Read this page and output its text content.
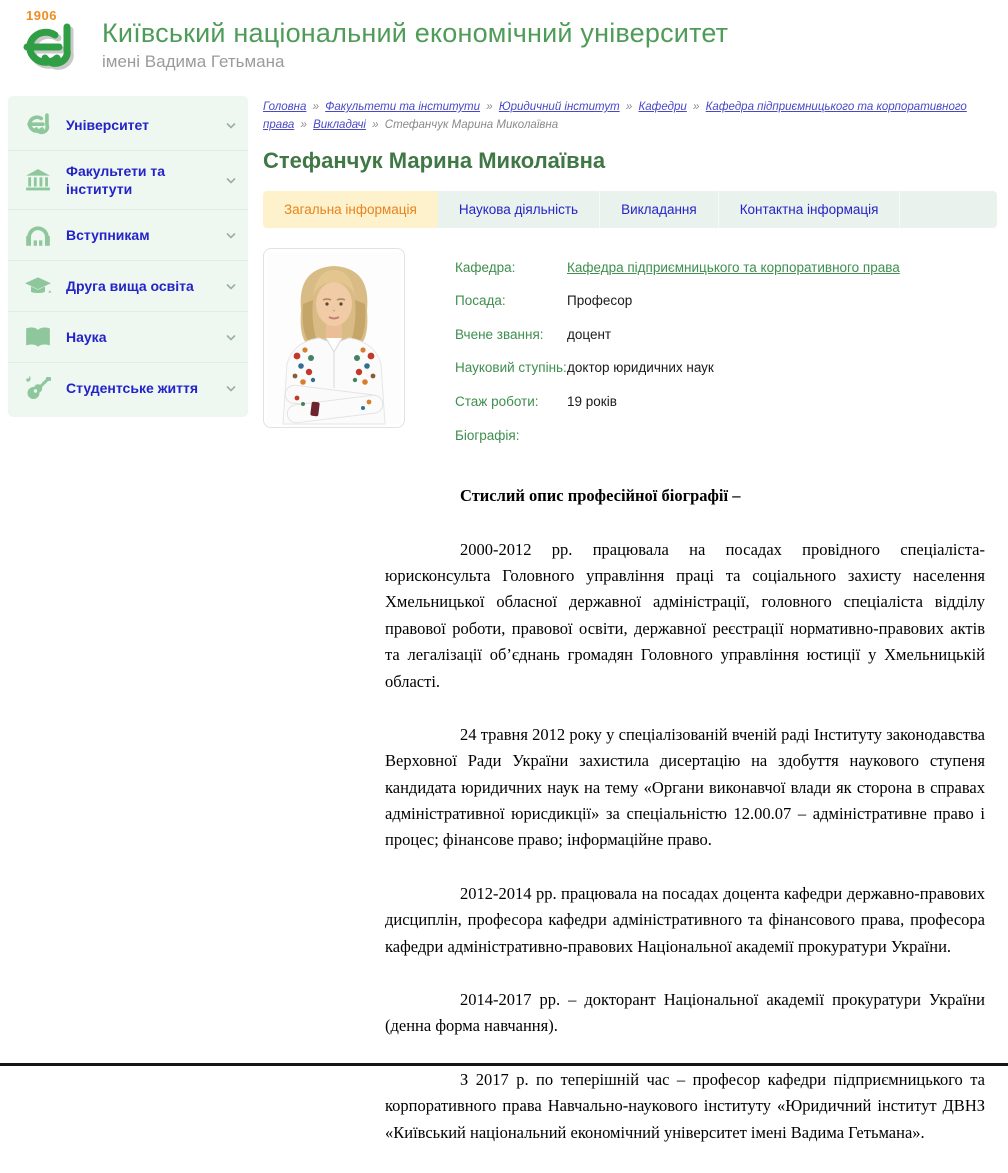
1906
Київський національний економічний університет
імені Вадима Гетьмана
Університет
Факультети та інститути
Вступникам
Друга вища освіта
Наука
Студентське життя
Головна » Факультети та інститути » Юридичний інститут » Кафедри » Кафедра підприємницького та корпоративного права » Викладачі » Стефанчук Марина Миколаївна
Стефанчук Марина Миколаївна
Загальна інформація	Наукова діяльність	Викладання	Контактна інформація
Кафедра:	Кафедра підприємницького та корпоративного права
Посада:	Професор
Вчене звання:	доцент
Науковий ступінь: доктор юридичних наук
Стаж роботи:	19 років
Біографія:
Стислий опис професійної біографії –

2000-2012 рр. працювала на посадах провідного спеціаліста-юрисконсульта Головного управління праці та соціального захисту населення Хмельницької обласної державної адміністрації, головного спеціаліста відділу правової роботи, правової освіти, державної реєстрації нормативно-правових актів та легалізації об’єднань громадян Головного управління юстиції у Хмельницькій області.

24 травня 2012 року у спеціалізованій вченій раді Інституту законодавства Верховної Ради України захистила дисертацію на здобуття наукового ступеня кандидата юридичних наук на тему «Органи виконавчої влади як сторона в справах адміністративної юрисдикції» за спеціальністю 12.00.07 – адміністративне право і процес; фінансове право; інформаційне право.

2012-2014 рр. працювала на посадах доцента кафедри державно-правових дисциплін, професора кафедри адміністративного та фінансового права, професора кафедри адміністративно-правових Національної академії прокуратури України.

2014-2017 рр. – докторант Національної академії прокуратури України (денна форма навчання).

З 2017 р. по теперішній час – професор кафедри підприємницького та корпоративного права Навчально-наукового інституту «Юридичний інститут ДВНЗ «Київський національний економічний університет імені Вадима Гетьмана».
